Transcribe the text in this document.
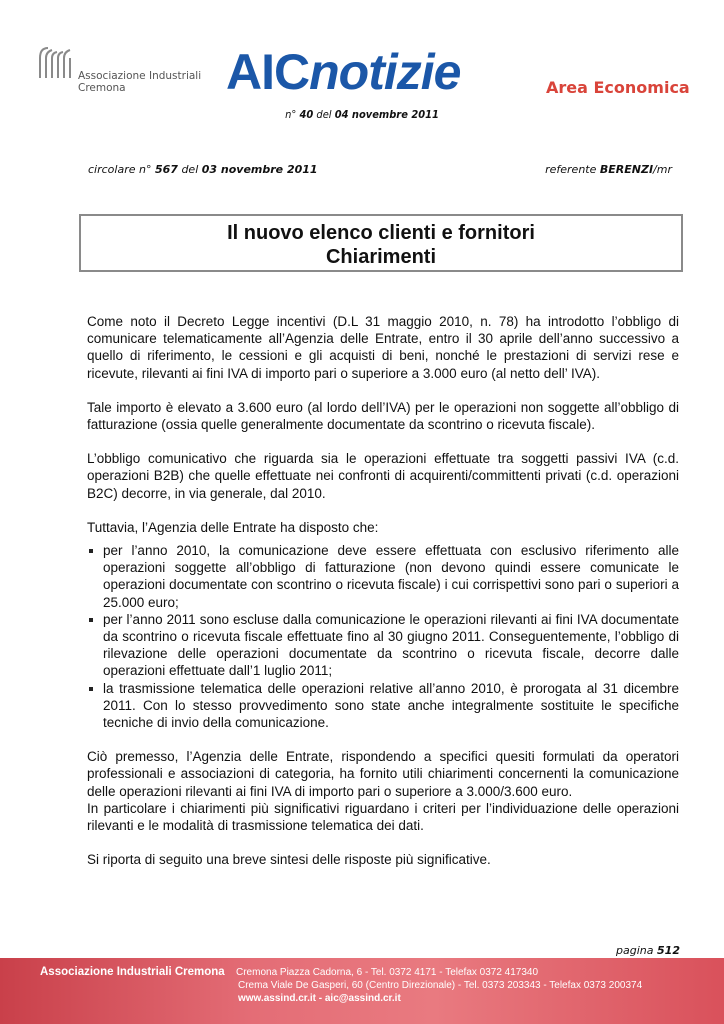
Associazione Industriali
Cremona	AICnotizie	Area Economica
n° 40 del 04 novembre 2011
circolare n° 567 del 03 novembre 2011	referente BERENZI/mr
Il nuovo elenco clienti e fornitori
Chiarimenti

Come noto il Decreto Legge incentivi (D.L 31 maggio 2010, n. 78) ha introdotto l’obbligo di comunicare telematicamente all’Agenzia delle Entrate, entro il 30 aprile dell’anno successivo a quello di riferimento, le cessioni e gli acquisti di beni, nonché le prestazioni di servizi rese e ricevute, rilevanti ai fini IVA di importo pari o superiore a 3.000 euro (al netto dell’ IVA).

Tale importo è elevato a 3.600 euro (al lordo dell’IVA) per le operazioni non soggette all’obbligo di fatturazione (ossia quelle generalmente documentate da scontrino o ricevuta fiscale).

L’obbligo comunicativo che riguarda sia le operazioni effettuate tra soggetti passivi IVA (c.d. operazioni B2B) che quelle effettuate nei confronti di acquirenti/committenti privati (c.d. operazioni B2C) decorre, in via generale, dal 2010.

Tuttavia, l’Agenzia delle Entrate ha disposto che:

per l’anno 2010, la comunicazione deve essere effettuata con esclusivo riferimento alle operazioni soggette all’obbligo di fatturazione (non devono quindi essere comunicate le operazioni documentate con scontrino o ricevuta fiscale) i cui corrispettivi sono pari o superiori a 25.000 euro;
per l’anno 2011 sono escluse dalla comunicazione le operazioni rilevanti ai fini IVA documentate da scontrino o ricevuta fiscale effettuate fino al 30 giugno 2011. Conseguentemente, l’obbligo di rilevazione delle operazioni documentate da scontrino o ricevuta fiscale, decorre dalle operazioni effettuate dall’1 luglio 2011;
la trasmissione telematica delle operazioni relative all’anno 2010, è prorogata al 31 dicembre 2011. Con lo stesso provvedimento sono state anche integralmente sostituite le specifiche tecniche di invio della comunicazione.

Ciò premesso, l’Agenzia delle Entrate, rispondendo a specifici quesiti formulati da operatori professionali e associazioni di categoria, ha fornito utili chiarimenti concernenti la comunicazione delle operazioni rilevanti ai fini IVA di importo pari o superiore a 3.000/3.600 euro.

In particolare i chiarimenti più significativi riguardano i criteri per l’individuazione delle operazioni rilevanti e le modalità di trasmissione telematica dei dati.

Si riporta di seguito una breve sintesi delle risposte più significative.

pagina 512
Associazione Industriali Cremona Cremona Piazza Cadorna, 6 - Tel. 0372 4171 - Telefax 0372 417340
Crema Viale De Gasperi, 60 (Centro Direzionale) - Tel. 0373 203343 - Telefax 0373 200374
www.assind.cr.it - aic@assind.cr.it
